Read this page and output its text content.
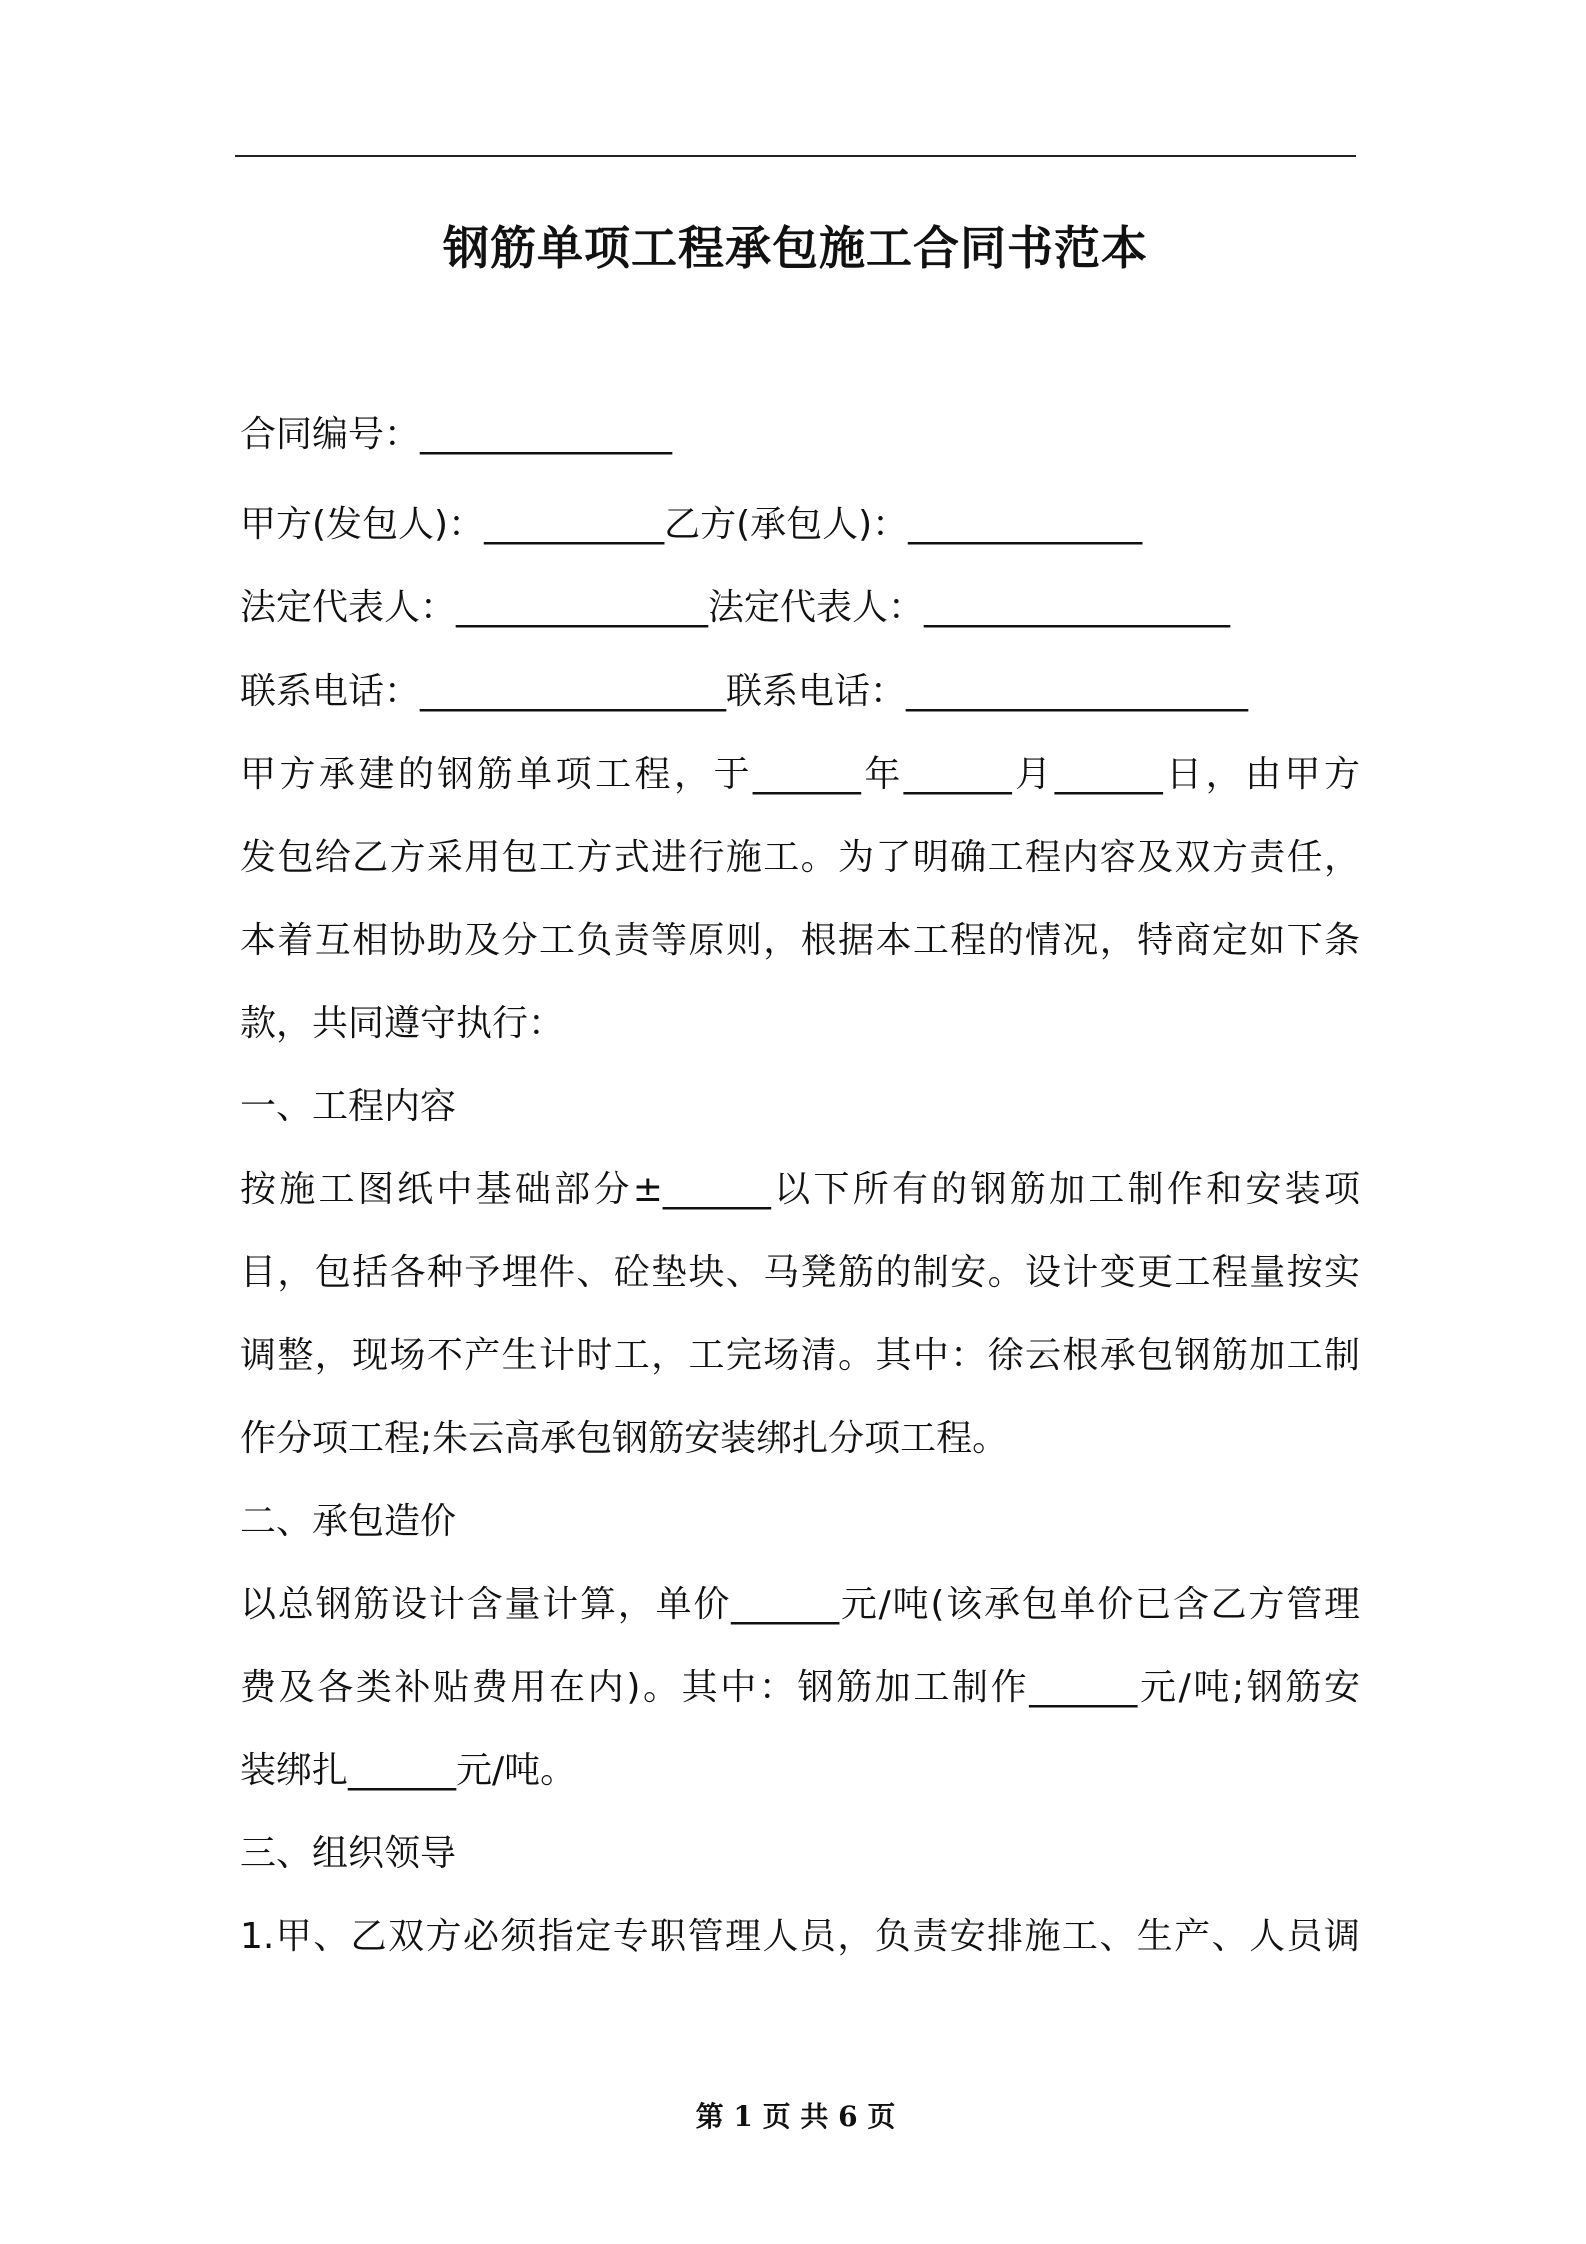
钢筋单项工程承包施工合同书范本
合同编号：______________
甲方(发包人)：__________乙方(承包人)：_____________
法定代表人：______________法定代表人：_________________
联系电话：_________________联系电话：___________________
甲方承建的钢筋单项工程，于______年______月______日，由甲方
发包给乙方采用包工方式进行施工。为了明确工程内容及双方责任，
本着互相协助及分工负责等原则，根据本工程的情况，特商定如下条
款，共同遵守执行：
一、工程内容
按施工图纸中基础部分±______以下所有的钢筋加工制作和安装项
目，包括各种予埋件、砼垫块、马凳筋的制安。设计变更工程量按实
调整，现场不产生计时工，工完场清。其中：徐云根承包钢筋加工制
作分项工程;朱云高承包钢筋安装绑扎分项工程。
二、承包造价
以总钢筋设计含量计算，单价______元/吨(该承包单价已含乙方管理
费及各类补贴费用在内)。其中：钢筋加工制作______元/吨;钢筋安
装绑扎______元/吨。
三、组织领导
1.甲、乙双方必须指定专职管理人员，负责安排施工、生产、人员调
第 1 页 共 6 页
